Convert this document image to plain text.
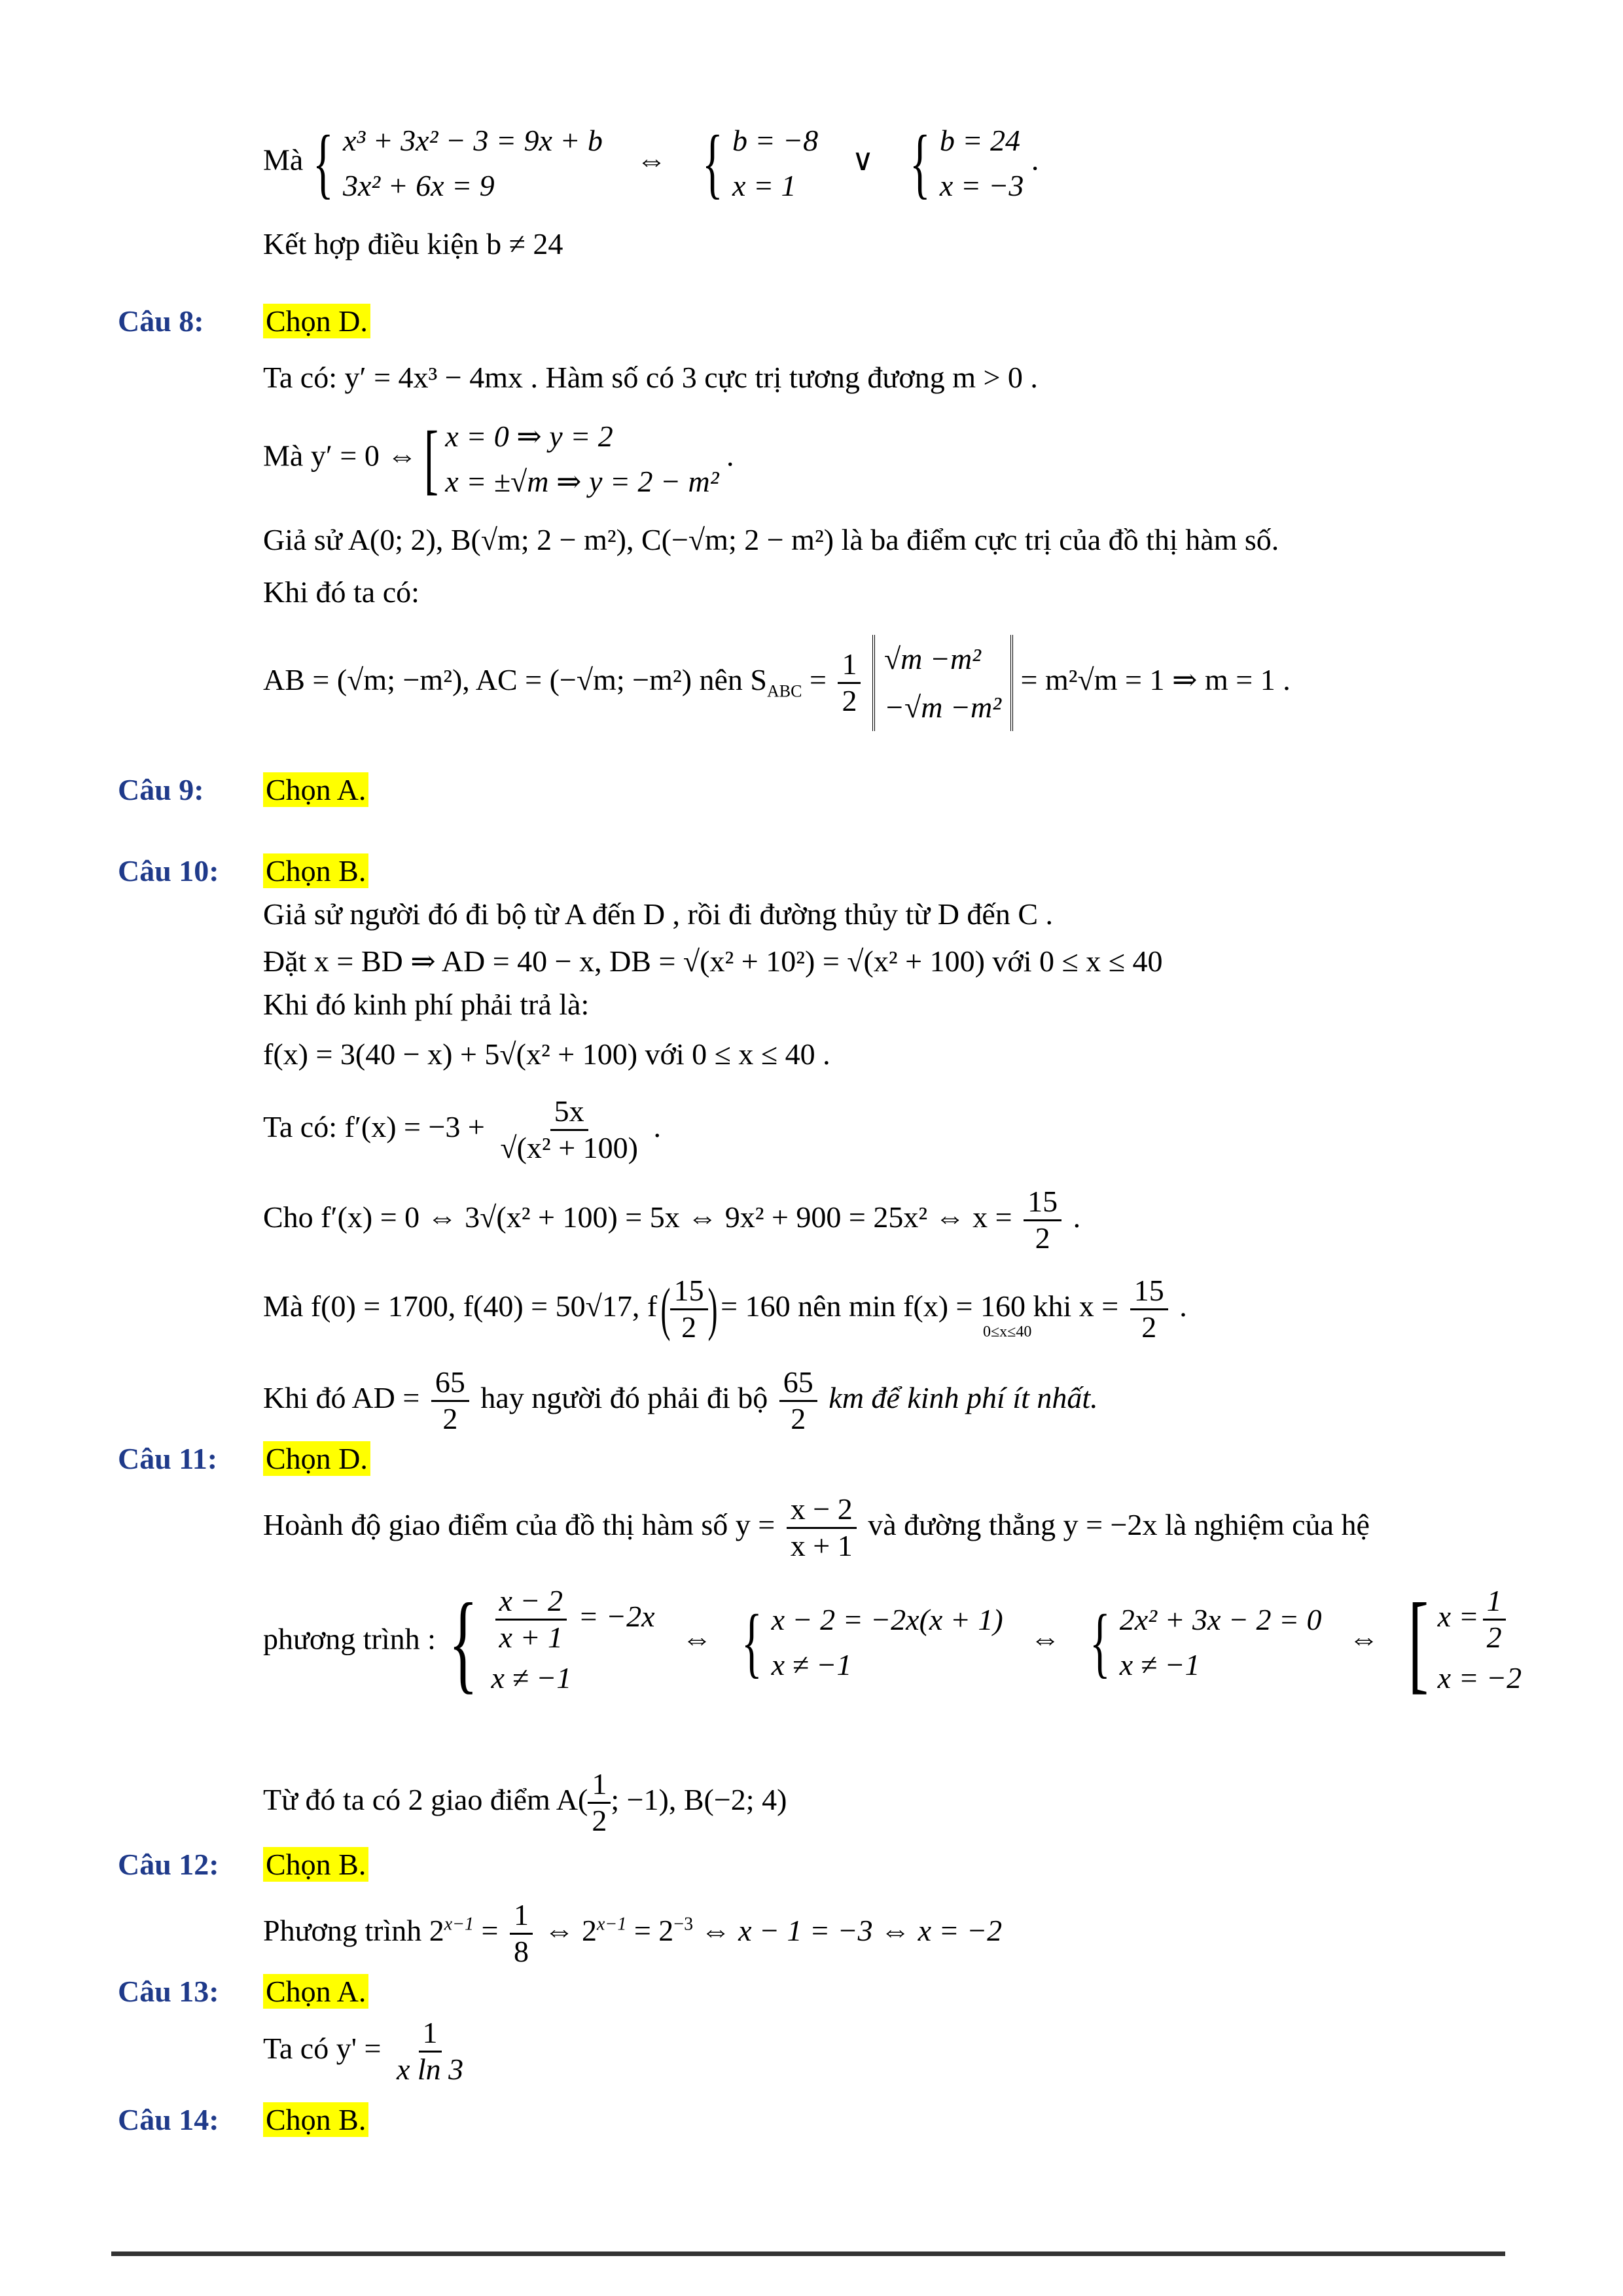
Mà { x³ + 3x² − 3 = 9x + b
3x² + 6x = 9
⇔ { b = −8
x = 1
∨ { b = 24
x = −3
.
Kết hợp điều kiện b ≠ 24
Câu 8: Chọn D.
Ta có: y′ = 4x³ − 4mx . Hàm số có 3 cực trị tương đương m > 0 .
Mà y′ = 0 ⇔ [ x = 0 ⇒ y = 2
x = ±√m ⇒ y = 2 − m²
.
Giả sử A(0; 2), B(√m; 2 − m²), C(−√m; 2 − m²) là ba điểm cực trị của đồ thị hàm số.
Khi đó ta có:
AB = (√m; −m²), AC = (−√m; −m²) nên $S_{ABC} = \frac{1}{2}$
√m −m²
−√m −m²
= m²√m = 1 ⇒ m = 1 .
Câu 9: Chọn A.
Câu 10: Chọn B.
Giả sử người đó đi bộ từ A đến D , rồi đi đường thủy từ D đến C .
Đặt x = BD ⇒ AD = 40 − x, DB = √(x² + 10²) = √(x² + 100) với 0 ≤ x ≤ 40
Khi đó kinh phí phải trả là:
f(x) = 3(40 − x) + 5√(x² + 100) với 0 ≤ x ≤ 40 .
Ta có: $f'(x) = -3 + \frac{5x}{\text{√(x² + 100)}}$ .
Cho f′(x) = 0 ⇔ 3√(x² + 100) = 5x ⇔ 9x² + 900 = 25x² ⇔ $x = \frac{15}{2}$ .
Mà f(0) = 1700, f(40) = 50√17, f ( $\frac{15}{2}$ ) = 160 nên min f(x) = 160 khi $x = \frac{15}{2}$ .
0≤x≤40
Khi đó AD = $\frac{65}{2}$ hay người đó phải đi bộ $\frac{65}{2}$ km để kinh phí ít nhất.
Câu 11: Chọn D.
Hoành độ giao điểm của đồ thị hàm số $y = \frac{x - 2}{x + 1}$ và đường thẳng y = −2x là nghiệm của hệ
phương trình : { $\frac{x - 2}{x + 1} = -2x$
x ≠ −1
⇔ { x − 2 = −2x(x + 1)
x ≠ −1
⇔ { 2x² + 3x − 2 = 0
x ≠ −1
⇔ [ $x = \frac{1}{2}$
x = −2
Từ đó ta có 2 giao điểm $A( \frac{1}{2}$ ; −1), B(−2; 4)
Câu 12: Chọn B.
Phương trình $2^{x-1} = \frac{1}{8}$ ⇔ $2^{x-1} = 2^{-3}$ ⇔ x − 1 = −3 ⇔ x = −2
Câu 13: Chọn A.
Ta có $y' = \frac{1}{\text{x ln 3}}$
Câu 14: Chọn B.
